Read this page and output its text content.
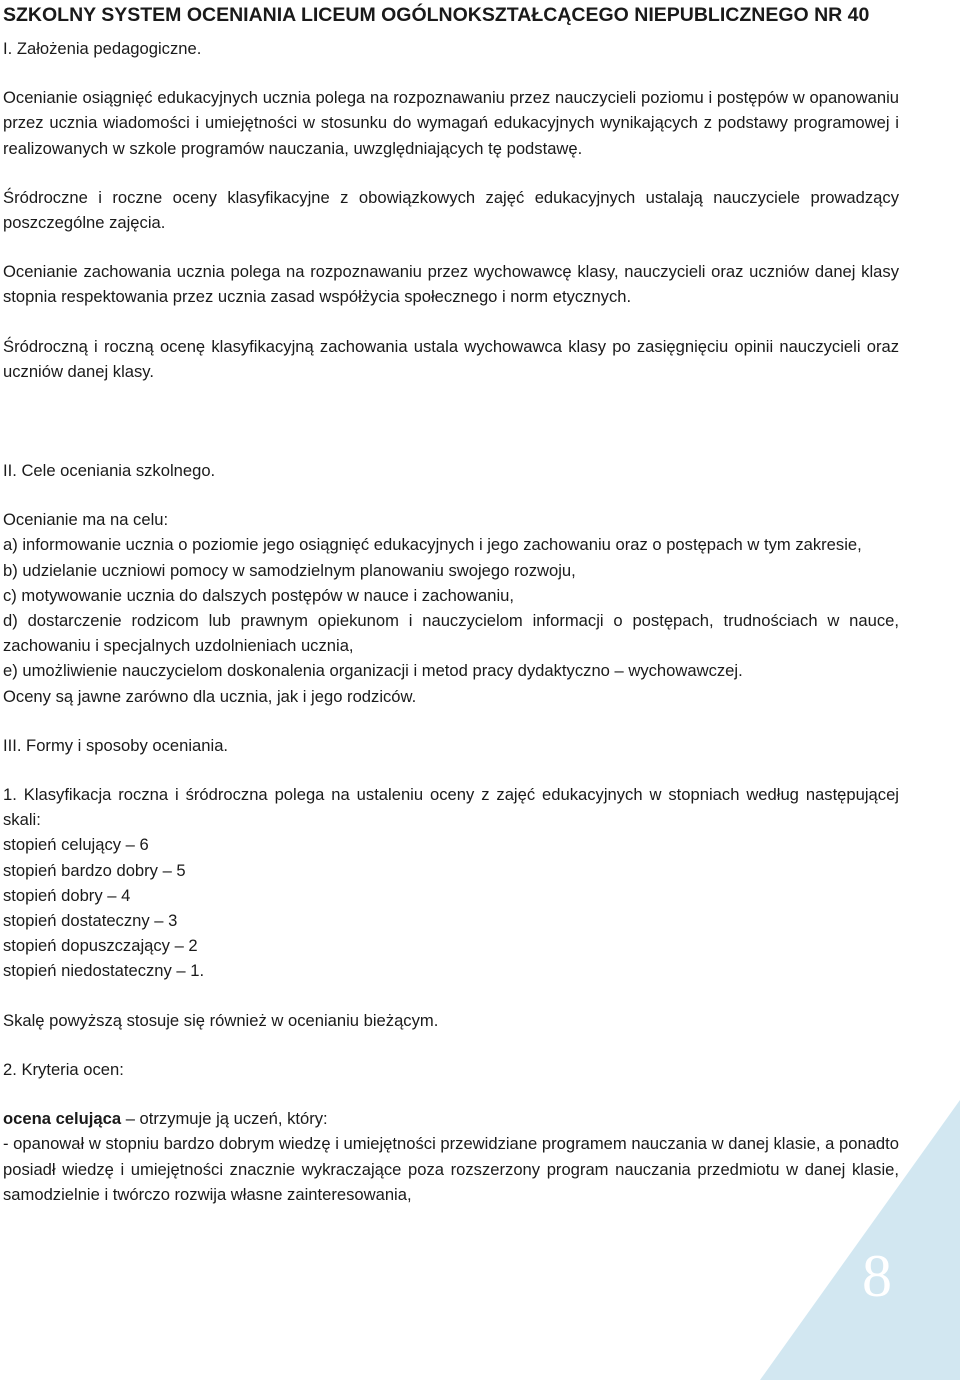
8
SZKOLNY SYSTEM OCENIANIA LICEUM OGÓLNOKSZTAŁCĄCEGO NIEPUBLICZNEGO NR 40

I. Założenia pedagogiczne.

Ocenianie osiągnięć edukacyjnych ucznia polega na rozpoznawaniu przez nauczycieli poziomu i postępów w opanowaniu przez ucznia wiadomości i umiejętności w stosunku do wymagań edukacyjnych wynikających z podstawy programowej i realizowanych w szkole programów nauczania, uwzględniających tę podstawę.

Śródroczne i roczne oceny klasyfikacyjne z obowiązkowych zajęć edukacyjnych ustalają nauczyciele prowadzący poszczególne zajęcia.

Ocenianie zachowania ucznia polega na rozpoznawaniu przez wychowawcę klasy, nauczycieli oraz uczniów danej klasy stopnia respektowania przez ucznia zasad współżycia społecznego i norm etycznych.

Śródroczną i roczną ocenę klasyfikacyjną zachowania ustala wychowawca klasy po zasięgnięciu opinii nauczycieli oraz uczniów danej klasy.

II. Cele oceniania szkolnego.

Ocenianie ma na celu:

a) informowanie ucznia o poziomie jego osiągnięć edukacyjnych i jego zachowaniu oraz o postępach w tym zakresie,

b) udzielanie uczniowi pomocy w samodzielnym planowaniu swojego rozwoju,

c) motywowanie ucznia do dalszych postępów w nauce i zachowaniu,

d) dostarczenie rodzicom lub prawnym opiekunom i nauczycielom informacji o postępach, trudnościach w nauce, zachowaniu i specjalnych uzdolnieniach ucznia,

e) umożliwienie nauczycielom doskonalenia organizacji i metod pracy dydaktyczno – wychowawczej.

Oceny są jawne zarówno dla ucznia, jak i jego rodziców.

III. Formy i sposoby oceniania.

1. Klasyfikacja roczna i śródroczna polega na ustaleniu oceny z zajęć edukacyjnych w stopniach według następującej skali:

stopień celujący – 6

stopień bardzo dobry – 5

stopień dobry – 4

stopień dostateczny – 3

stopień dopuszczający – 2

stopień niedostateczny – 1.

Skalę powyższą stosuje się również w ocenianiu bieżącym.

2. Kryteria ocen:

ocena celująca – otrzymuje ją uczeń, który:

- opanował w stopniu bardzo dobrym wiedzę i umiejętności przewidziane programem nauczania w danej klasie, a ponadto posiadł wiedzę i umiejętności znacznie wykraczające poza rozszerzony program nauczania przedmiotu w danej klasie, samodzielnie i twórczo rozwija własne zainteresowania,
